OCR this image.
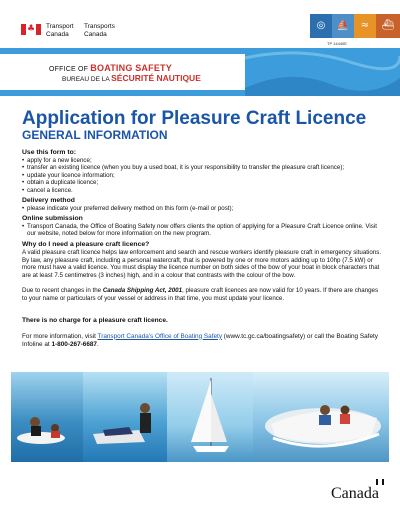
♣ Transport
Canada
Transports
Canada
◎	⛵	≈	⛴
TP 14440E
OFFICE OF BOATING SAFETY
BUREAU DE LA SÉCURITÉ NAUTIQUE
Application for Pleasure Craft Licence
GENERAL INFORMATION
Use this form to:
• apply for a new licence;
• transfer an existing licence (when you buy a used boat, it is your responsibility to transfer the pleasure craft licence);
• update your licence information;
• obtain a duplicate licence;
• cancel a licence.
Delivery method
• please indicate your preferred delivery method on this form (e-mail or post);
Online submission
• Transport Canada, the Office of Boating Safety now offers clients the option of applying for a Pleasure Craft Licence online. Visit our website, noted below for more information on the new program.
Why do I need a pleasure craft licence?

A valid pleasure craft licence helps law enforcement and search and rescue workers identify pleasure craft in emergency situations. By law, any pleasure craft, including a personal watercraft, that is powered by one or more motors adding up to 10hp (7.5 kW) or more must have a valid licence. You must display the licence number on both sides of the bow of your boat in block characters that are at least 7.5 centimetres (3 inches) high, and in a colour that contrasts with the colour of the bow.

Due to recent changes in the Canada Shipping Act, 2001, pleasure craft licences are now valid for 10 years. If there are changes to your name or particulars of your vessel or address in that time, you must update your licence.

There is no charge for a pleasure craft licence.

For more information, visit Transport Canada's Office of Boating Safety (www.tc.gc.ca/boatingsafety) or call the Boating Safety Infoline at 1-800-267-6687.

Canada
